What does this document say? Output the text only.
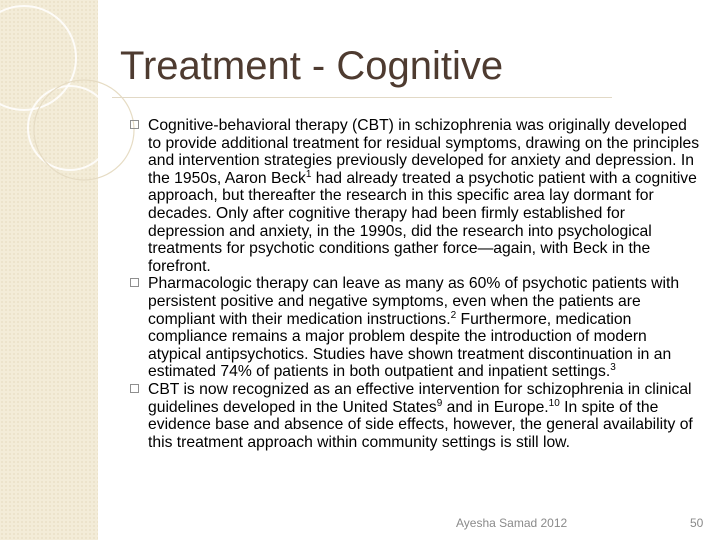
Treatment - Cognitive
Cognitive-behavioral therapy (CBT) in schizophrenia was originally developed to provide additional treatment for residual symptoms, drawing on the principles and intervention strategies previously developed for anxiety and depression. In the 1950s, Aaron Beck$^1$ had already treated a psychotic patient with a cognitive approach, but thereafter the research in this specific area lay dormant for decades. Only after cognitive therapy had been firmly established for depression and anxiety, in the 1990s, did the research into psychological treatments for psychotic conditions gather force—again, with Beck in the forefront.
Pharmacologic therapy can leave as many as 60% of psychotic patients with persistent positive and negative symptoms, even when the patients are compliant with their medication instructions.$^2$ Furthermore, medication compliance remains a major problem despite the introduction of modern atypical antipsychotics. Studies have shown treatment discontinuation in an estimated 74% of patients in both outpatient and inpatient settings.$^3$
CBT is now recognized as an effective intervention for schizophrenia in clinical guidelines developed in the United States$^9$ and in Europe.$^{10}$ In spite of the evidence base and absence of side effects, however, the general availability of this treatment approach within community settings is still low.
Ayesha Samad 2012	50
